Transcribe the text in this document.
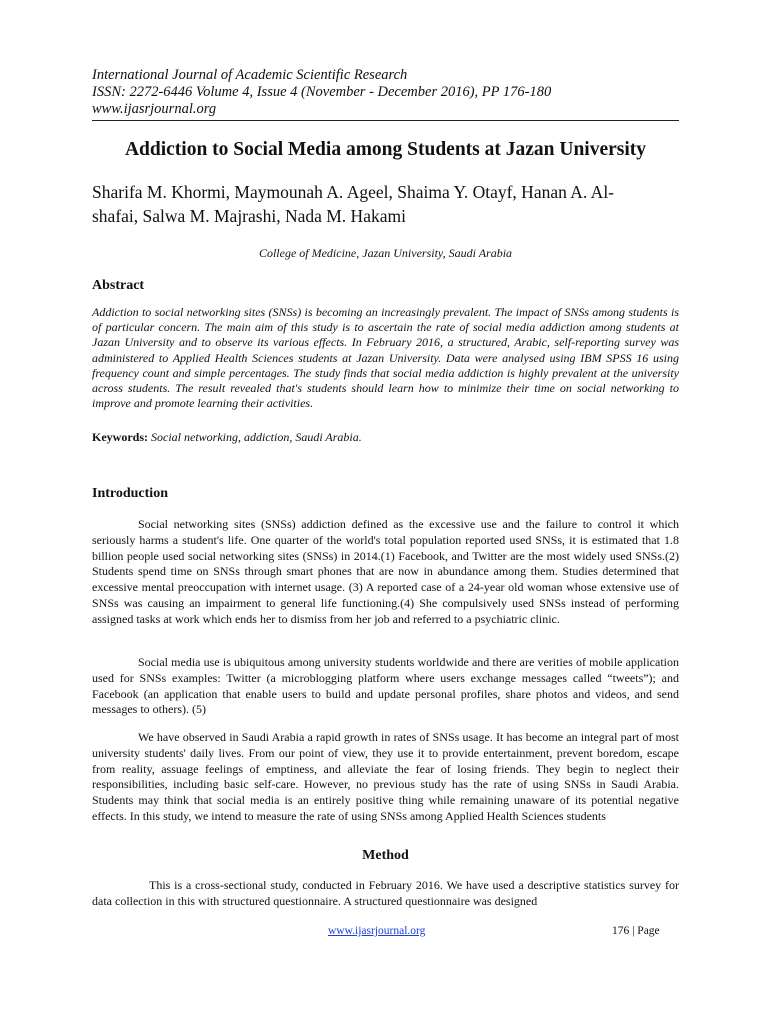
International Journal of Academic Scientific Research

ISSN: 2272-6446 Volume 4, Issue 4 (November - December 2016), PP 176-180

www.ijasrjournal.org

Addiction to Social Media among Students at Jazan University

Sharifa M. Khormi, Maymounah A. Ageel, Shaima Y. Otayf, Hanan A. Al-shafai, Salwa M. Majrashi, Nada M. Hakami

College of Medicine, Jazan University, Saudi Arabia

Abstract

Addiction to social networking sites (SNSs) is becoming an increasingly prevalent. The impact of SNSs among students is of particular concern. The main aim of this study is to ascertain the rate of social media addiction among students at Jazan University and to observe its various effects. In February 2016, a structured, Arabic, self-reporting survey was administered to Applied Health Sciences students at Jazan University. Data were analysed using IBM SPSS 16 using frequency count and simple percentages. The study finds that social media addiction is highly prevalent at the university across students. The result revealed that's students should learn how to minimize their time on social networking to improve and promote learning their activities.

Keywords: Social networking, addiction, Saudi Arabia.

Introduction

Social networking sites (SNSs) addiction defined as the excessive use and the failure to control it which seriously harms a student's life. One quarter of the world's total population reported used SNSs, it is estimated that 1.8 billion people used social networking sites (SNSs) in 2014.(1) Facebook, and Twitter are the most widely used SNSs.(2) Students spend time on SNSs through smart phones that are now in abundance among them. Studies determined that excessive mental preoccupation with internet usage. (3) A reported case of a 24-year old woman whose extensive use of SNSs was causing an impairment to general life functioning.(4) She compulsively used SNSs instead of performing assigned tasks at work which ends her to dismiss from her job and referred to a psychiatric clinic.

Social media use is ubiquitous among university students worldwide and there are verities of mobile application used for SNSs examples: Twitter (a microblogging platform where users exchange messages called “tweets”); and Facebook (an application that enable users to build and update personal profiles, share photos and videos, and send messages to others). (5)

We have observed in Saudi Arabia a rapid growth in rates of SNSs usage. It has become an integral part of most university students' daily lives. From our point of view, they use it to provide entertainment, prevent boredom, escape from reality, assuage feelings of emptiness, and alleviate the fear of losing friends. They begin to neglect their responsibilities, including basic self-care. However, no previous study has the rate of using SNSs in Saudi Arabia. Students may think that social media is an entirely positive thing while remaining unaware of its potential negative effects. In this study, we intend to measure the rate of using SNSs among Applied Health Sciences students

Method

This is a cross-sectional study, conducted in February 2016. We have used a descriptive statistics survey for data collection in this with structured questionnaire. A structured questionnaire was designed

www.ijasrjournal.org	176 | Page
